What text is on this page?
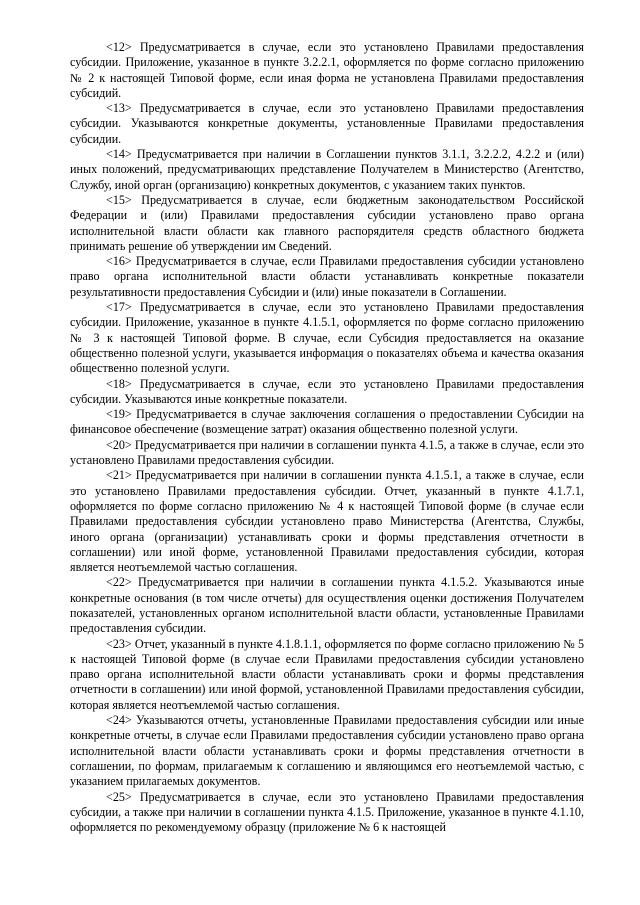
<12> Предусматривается в случае, если это установлено Правилами предоставления субсидии. Приложение, указанное в пункте 3.2.2.1, оформляется по форме согласно приложению № 2 к настоящей Типовой форме, если иная форма не установлена Правилами предоставления субсидий.

<13> Предусматривается в случае, если это установлено Правилами предоставления субсидии. Указываются конкретные документы, установленные Правилами предоставления субсидии.

<14> Предусматривается при наличии в Соглашении пунктов 3.1.1, 3.2.2.2, 4.2.2 и (или) иных положений, предусматривающих представление Получателем в Министерство (Агентство, Службу, иной орган (организацию) конкретных документов, с указанием таких пунктов.

<15> Предусматривается в случае, если бюджетным законодательством Российской Федерации и (или) Правилами предоставления субсидии установлено право органа исполнительной власти области как главного распорядителя средств областного бюджета принимать решение об утверждении им Сведений.

<16> Предусматривается в случае, если Правилами предоставления субсидии установлено право органа исполнительной власти области устанавливать конкретные показатели результативности предоставления Субсидии и (или) иные показатели в Соглашении.

<17> Предусматривается в случае, если это установлено Правилами предоставления субсидии. Приложение, указанное в пункте 4.1.5.1, оформляется по форме согласно приложению № 3 к настоящей Типовой форме. В случае, если Субсидия предоставляется на оказание общественно полезной услуги, указывается информация о показателях объема и качества оказания общественно полезной услуги.

<18> Предусматривается в случае, если это установлено Правилами предоставления субсидии. Указываются иные конкретные показатели.

<19> Предусматривается в случае заключения соглашения о предоставлении Субсидии на финансовое обеспечение (возмещение затрат) оказания общественно полезной услуги.

<20> Предусматривается при наличии в соглашении пункта 4.1.5, а также в случае, если это установлено Правилами предоставления субсидии.

<21> Предусматривается при наличии в соглашении пункта 4.1.5.1, а также в случае, если это установлено Правилами предоставления субсидии. Отчет, указанный в пункте 4.1.7.1, оформляется по форме согласно приложению № 4 к настоящей Типовой форме (в случае если Правилами предоставления субсидии установлено право Министерства (Агентства, Службы, иного органа (организации) устанавливать сроки и формы представления отчетности в соглашении) или иной форме, установленной Правилами предоставления субсидии, которая является неотъемлемой частью соглашения.

<22> Предусматривается при наличии в соглашении пункта 4.1.5.2. Указываются иные конкретные основания (в том числе отчеты) для осуществления оценки достижения Получателем показателей, установленных органом исполнительной власти области, установленные Правилами предоставления субсидии.

<23> Отчет, указанный в пункте 4.1.8.1.1, оформляется по форме согласно приложению № 5 к настоящей Типовой форме (в случае если Правилами предоставления субсидии установлено право органа исполнительной власти области устанавливать сроки и формы представления отчетности в соглашении) или иной формой, установленной Правилами предоставления субсидии, которая является неотъемлемой частью соглашения.

<24> Указываются отчеты, установленные Правилами предоставления субсидии или иные конкретные отчеты, в случае если Правилами предоставления субсидии установлено право органа исполнительной власти области устанавливать сроки и формы представления отчетности в соглашении, по формам, прилагаемым к соглашению и являющимся его неотъемлемой частью, с указанием прилагаемых документов.

<25> Предусматривается в случае, если это установлено Правилами предоставления субсидии, а также при наличии в соглашении пункта 4.1.5. Приложение, указанное в пункте 4.1.10, оформляется по рекомендуемому образцу (приложение № 6 к настоящей
